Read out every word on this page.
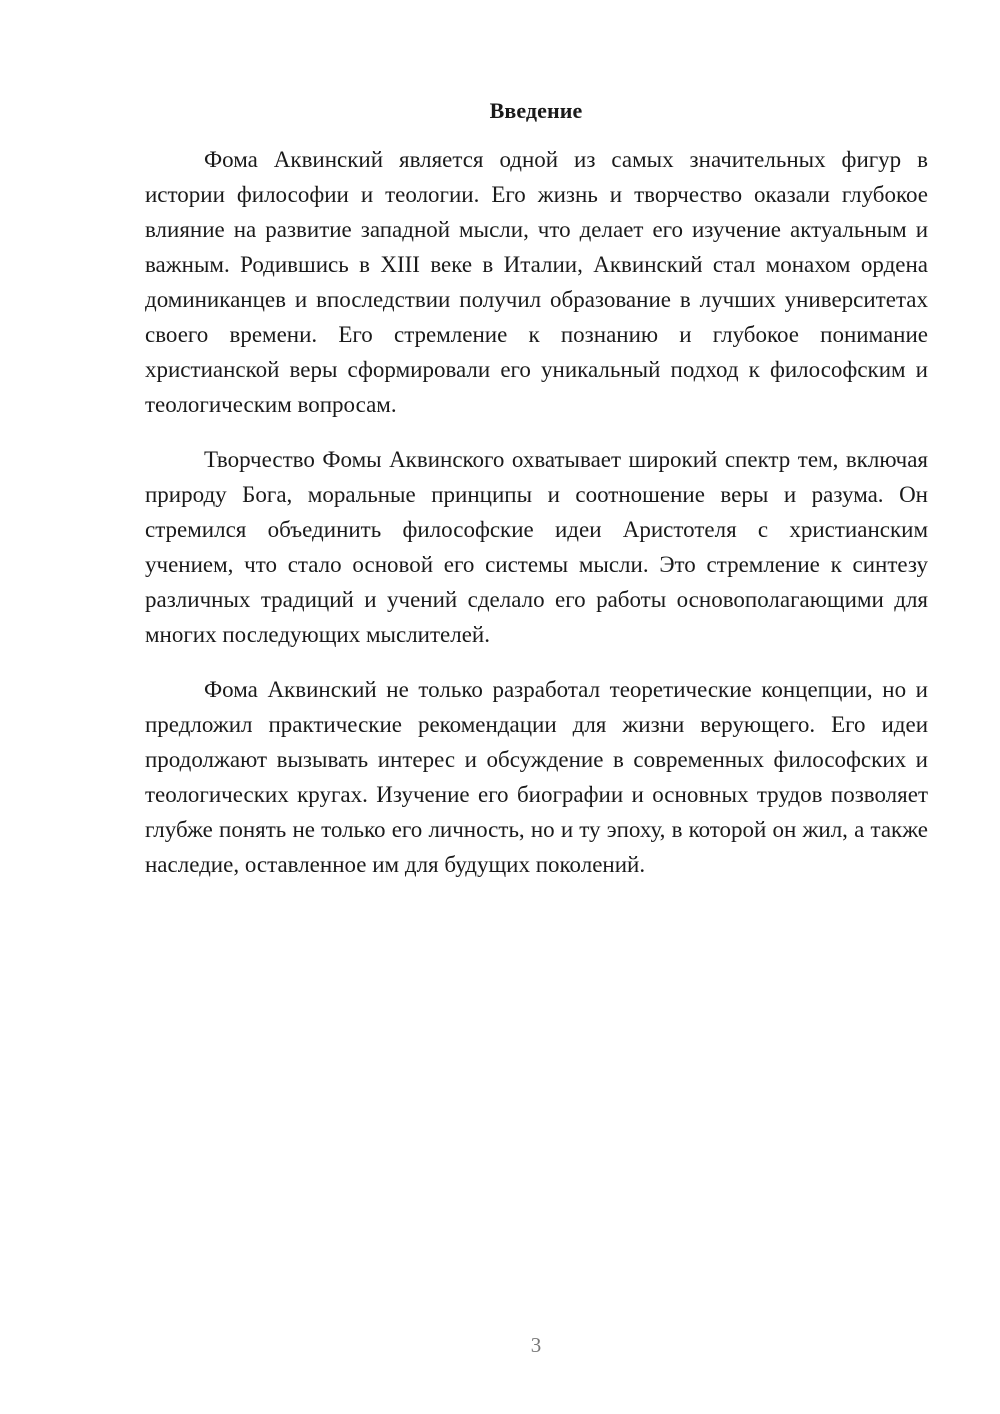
Введение

Фома Аквинский является одной из самых значительных фигур в истории философии и теологии. Его жизнь и творчество оказали глубокое влияние на развитие западной мысли, что делает его изучение актуальным и важным. Родившись в XIII веке в Италии, Аквинский стал монахом ордена доминиканцев и впоследствии получил образование в лучших университетах своего времени. Его стремление к познанию и глубокое понимание христианской веры сформировали его уникальный подход к философским и теологическим вопросам.

Творчество Фомы Аквинского охватывает широкий спектр тем, включая природу Бога, моральные принципы и соотношение веры и разума. Он стремился объединить философские идеи Аристотеля с христианским учением, что стало основой его системы мысли. Это стремление к синтезу различных традиций и учений сделало его работы основополагающими для многих последующих мыслителей.

Фома Аквинский не только разработал теоретические концепции, но и предложил практические рекомендации для жизни верующего. Его идеи продолжают вызывать интерес и обсуждение в современных философских и теологических кругах. Изучение его биографии и основных трудов позволяет глубже понять не только его личность, но и ту эпоху, в которой он жил, а также наследие, оставленное им для будущих поколений.

3
